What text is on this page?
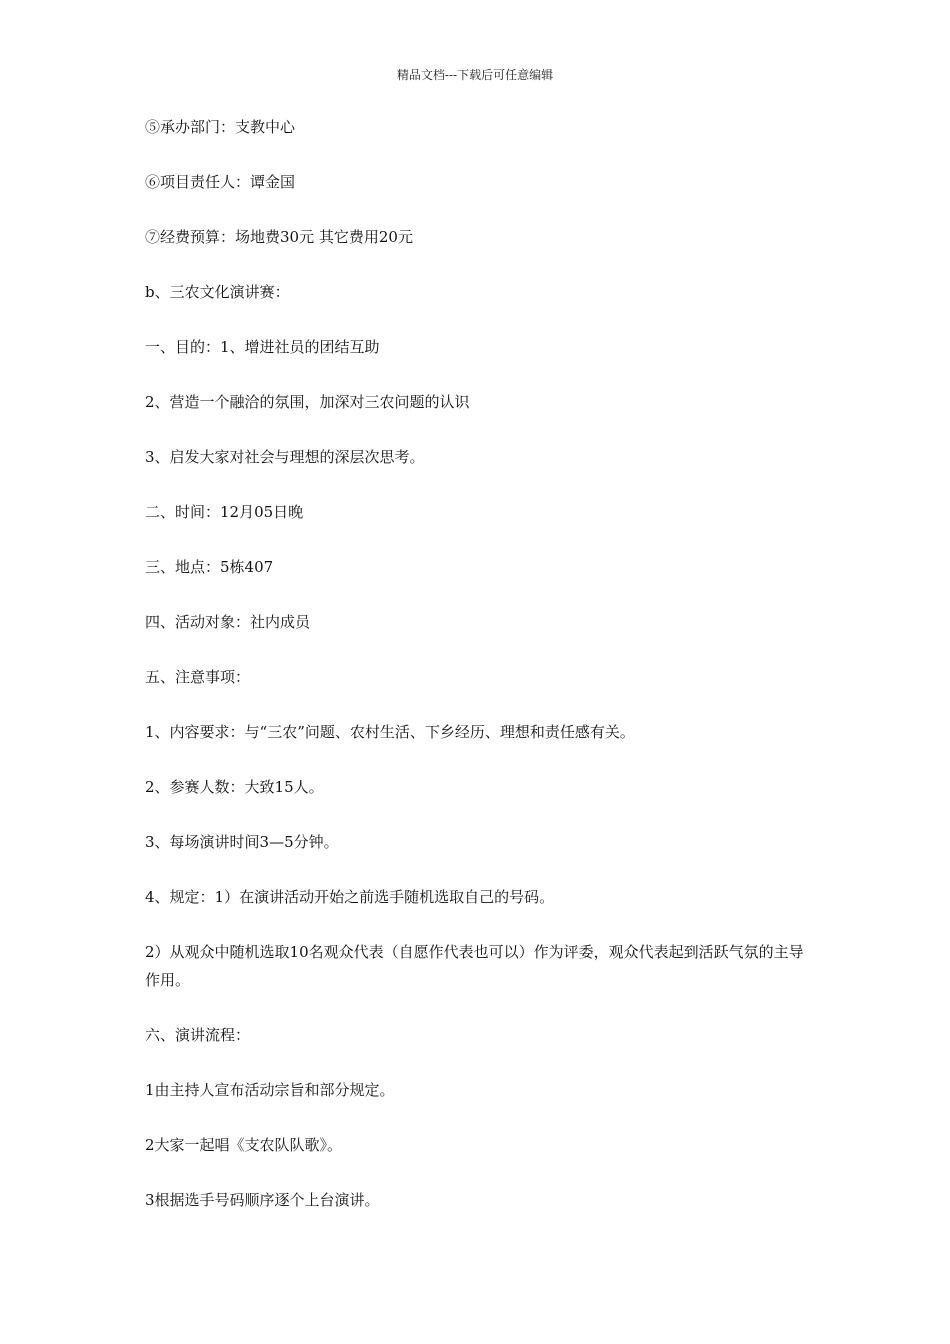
精品文档---下载后可任意编辑

⑤承办部门：支教中心

⑥项目责任人：谭金国

⑦经费预算：场地费30元 其它费用20元

b、三农文化演讲赛：

一、目的：1、增进社员的团结互助

2、营造一个融洽的氛围，加深对三农问题的认识

3、启发大家对社会与理想的深层次思考。

二、时间：12月05日晚

三、地点：5栋407

四、活动对象：社内成员

五、注意事项：

1、内容要求：与“三农”问题、农村生活、下乡经历、理想和责任感有关。

2、参赛人数：大致15人。

3、每场演讲时间3—5分钟。

4、规定：1）在演讲活动开始之前选手随机选取自己的号码。

2）从观众中随机选取10名观众代表（自愿作代表也可以）作为评委，观众代表起到活跃气氛的主导作用。

六、演讲流程：

1由主持人宣布活动宗旨和部分规定。

2大家一起唱《支农队队歌》。

3根据选手号码顺序逐个上台演讲。
